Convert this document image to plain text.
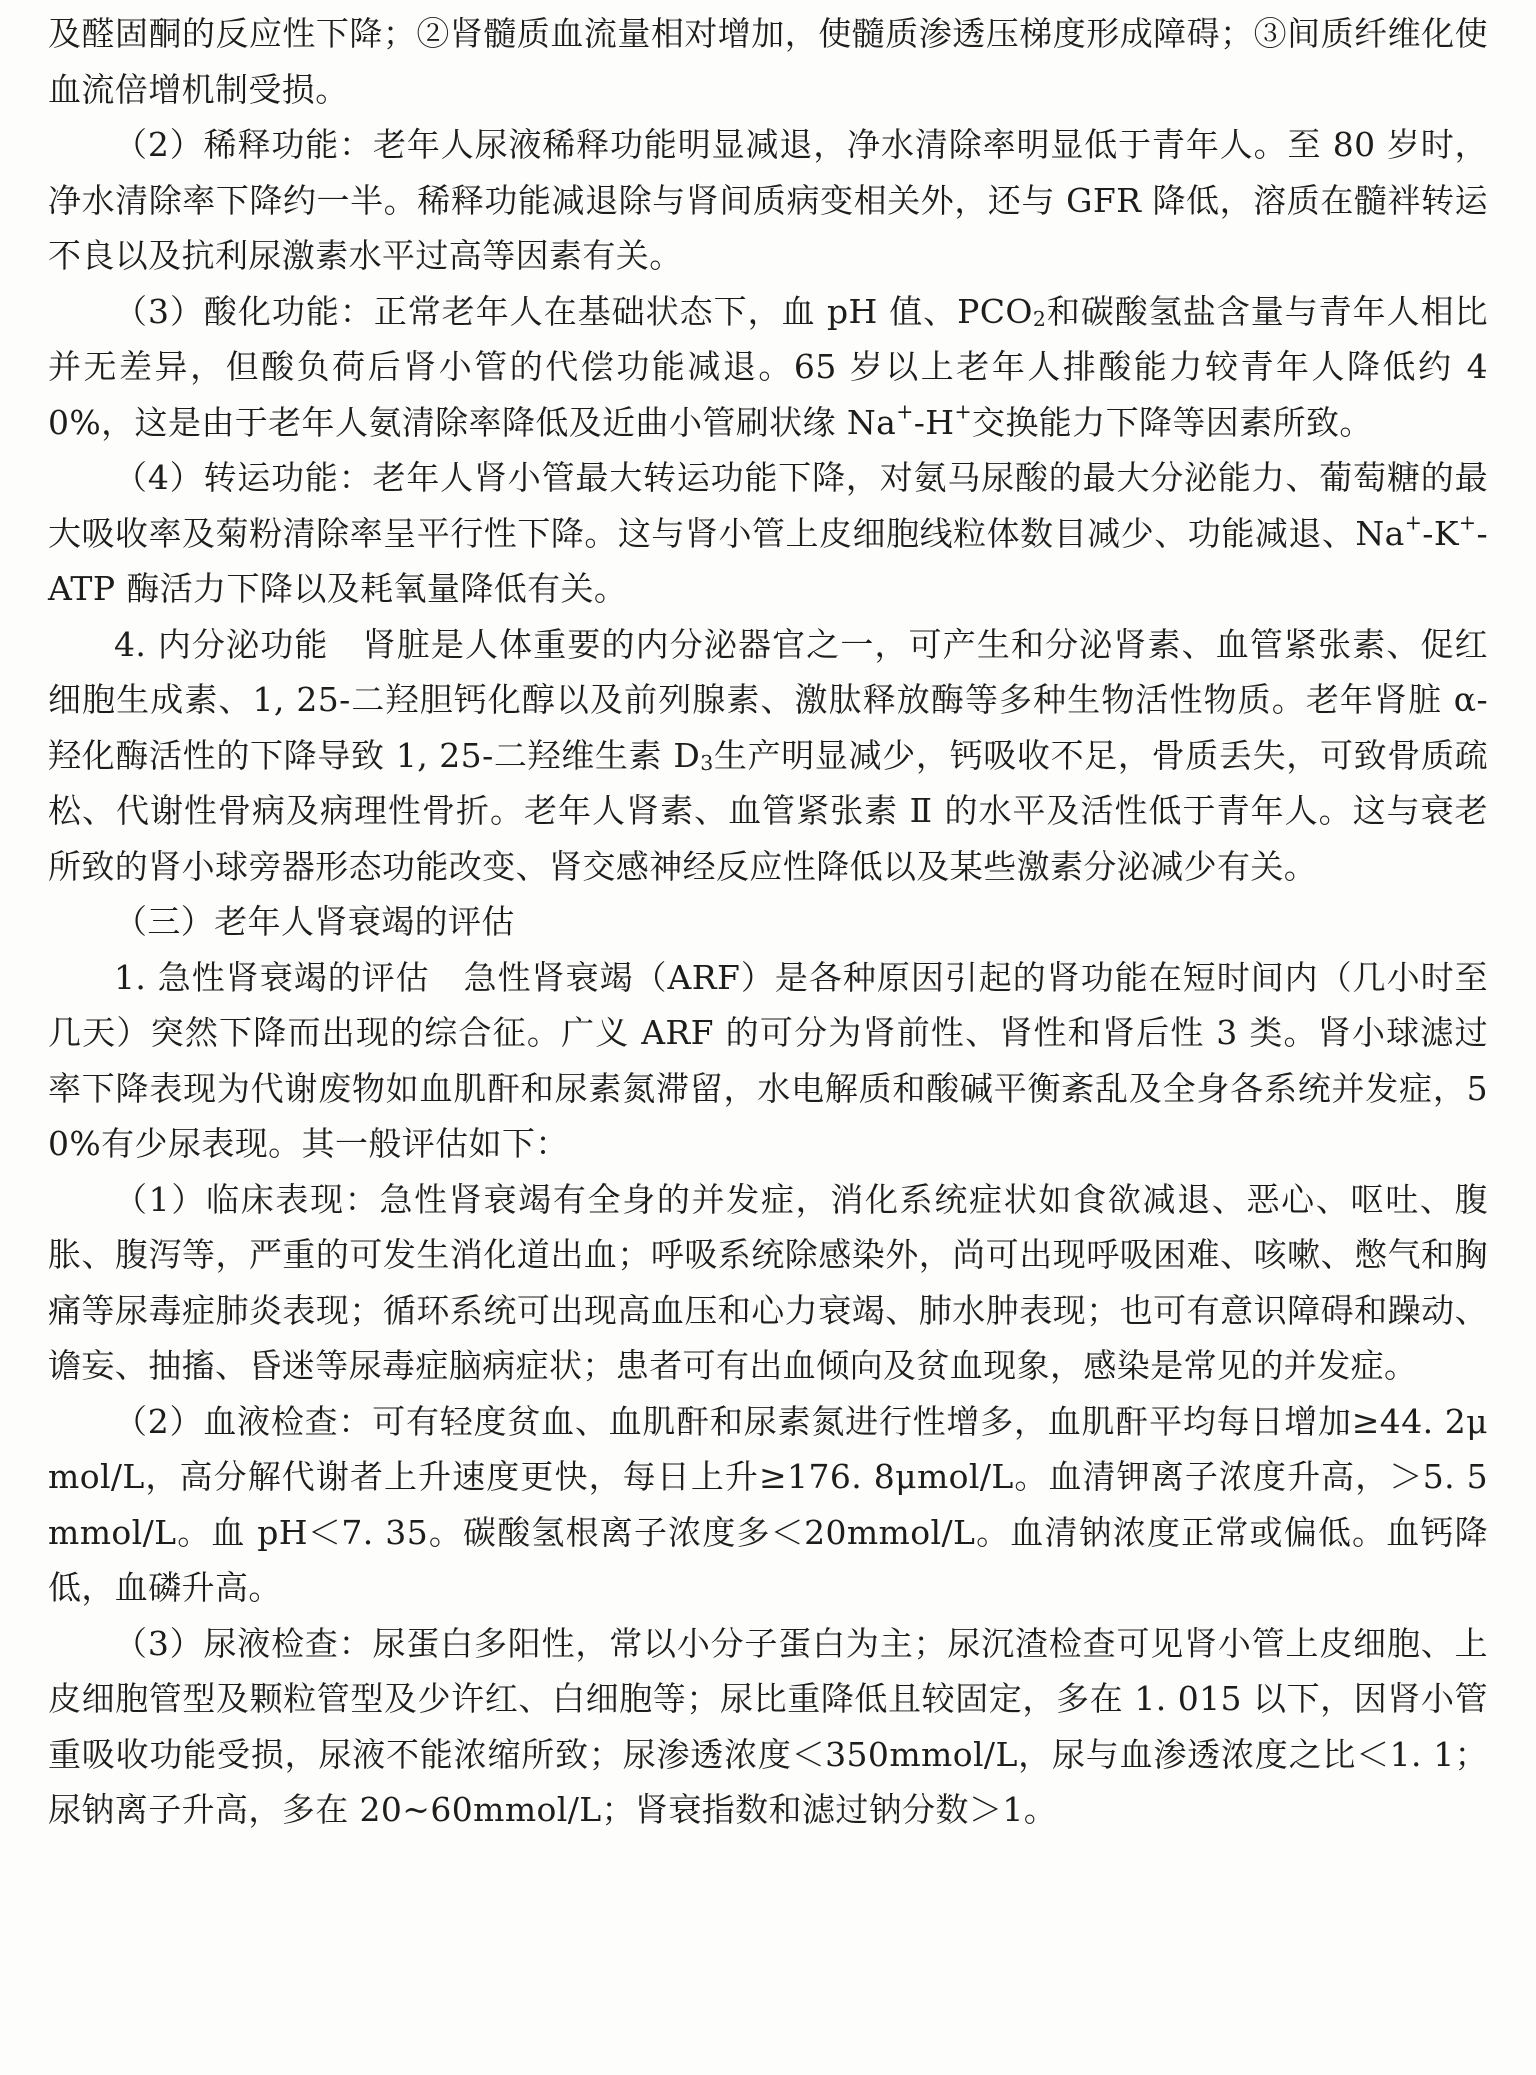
及醛固酮的反应性下降；②肾髓质血流量相对增加，使髓质渗透压梯度形成障碍；③间质纤维化使血流倍增机制受损。

（2）稀释功能：老年人尿液稀释功能明显减退，净水清除率明显低于青年人。至 80 岁时，净水清除率下降约一半。稀释功能减退除与肾间质病变相关外，还与 GFR 降低，溶质在髓袢转运不良以及抗利尿激素水平过高等因素有关。

（3）酸化功能：正常老年人在基础状态下，血 pH 值、$PCO_2$和碳酸氢盐含量与青年人相比并无差异，但酸负荷后肾小管的代偿功能减退。65 岁以上老年人排酸能力较青年人降低约 40%，这是由于老年人氨清除率降低及近曲小管刷状缘 Na+-H+交换能力下降等因素所致。

（4）转运功能：老年人肾小管最大转运功能下降，对氨马尿酸的最大分泌能力、葡萄糖的最大吸收率及菊粉清除率呈平行性下降。这与肾小管上皮细胞线粒体数目减少、功能减退、Na+-K+-ATP 酶活力下降以及耗氧量降低有关。

4. 内分泌功能　肾脏是人体重要的内分泌器官之一，可产生和分泌肾素、血管紧张素、促红细胞生成素、1, 25-二羟胆钙化醇以及前列腺素、激肽释放酶等多种生物活性物质。老年肾脏 α-羟化酶活性的下降导致 1, 25-二羟维生素 $D_3$生产明显减少，钙吸收不足，骨质丢失，可致骨质疏松、代谢性骨病及病理性骨折。老年人肾素、血管紧张素 Ⅱ 的水平及活性低于青年人。这与衰老所致的肾小球旁器形态功能改变、肾交感神经反应性降低以及某些激素分泌减少有关。

（三）老年人肾衰竭的评估

1. 急性肾衰竭的评估　急性肾衰竭（ARF）是各种原因引起的肾功能在短时间内（几小时至几天）突然下降而出现的综合征。广义 ARF 的可分为肾前性、肾性和肾后性 3 类。肾小球滤过率下降表现为代谢废物如血肌酐和尿素氮滞留，水电解质和酸碱平衡紊乱及全身各系统并发症，50%有少尿表现。其一般评估如下：

（1）临床表现：急性肾衰竭有全身的并发症，消化系统症状如食欲减退、恶心、呕吐、腹胀、腹泻等，严重的可发生消化道出血；呼吸系统除感染外，尚可出现呼吸困难、咳嗽、憋气和胸痛等尿毒症肺炎表现；循环系统可出现高血压和心力衰竭、肺水肿表现；也可有意识障碍和躁动、谵妄、抽搐、昏迷等尿毒症脑病症状；患者可有出血倾向及贫血现象，感染是常见的并发症。

（2）血液检查：可有轻度贫血、血肌酐和尿素氮进行性增多，血肌酐平均每日增加≥44. 2μmol/L，高分解代谢者上升速度更快，每日上升≥176. 8μmol/L。血清钾离子浓度升高，＞5. 5mmol/L。血 pH＜7. 35。碳酸氢根离子浓度多＜20mmol/L。血清钠浓度正常或偏低。血钙降低，血磷升高。

（3）尿液检查：尿蛋白多阳性，常以小分子蛋白为主；尿沉渣检查可见肾小管上皮细胞、上皮细胞管型及颗粒管型及少许红、白细胞等；尿比重降低且较固定，多在 1. 015 以下，因肾小管重吸收功能受损，尿液不能浓缩所致；尿渗透浓度＜350mmol/L，尿与血渗透浓度之比＜1. 1；尿钠离子升高，多在 20~60mmol/L；肾衰指数和滤过钠分数＞1。
